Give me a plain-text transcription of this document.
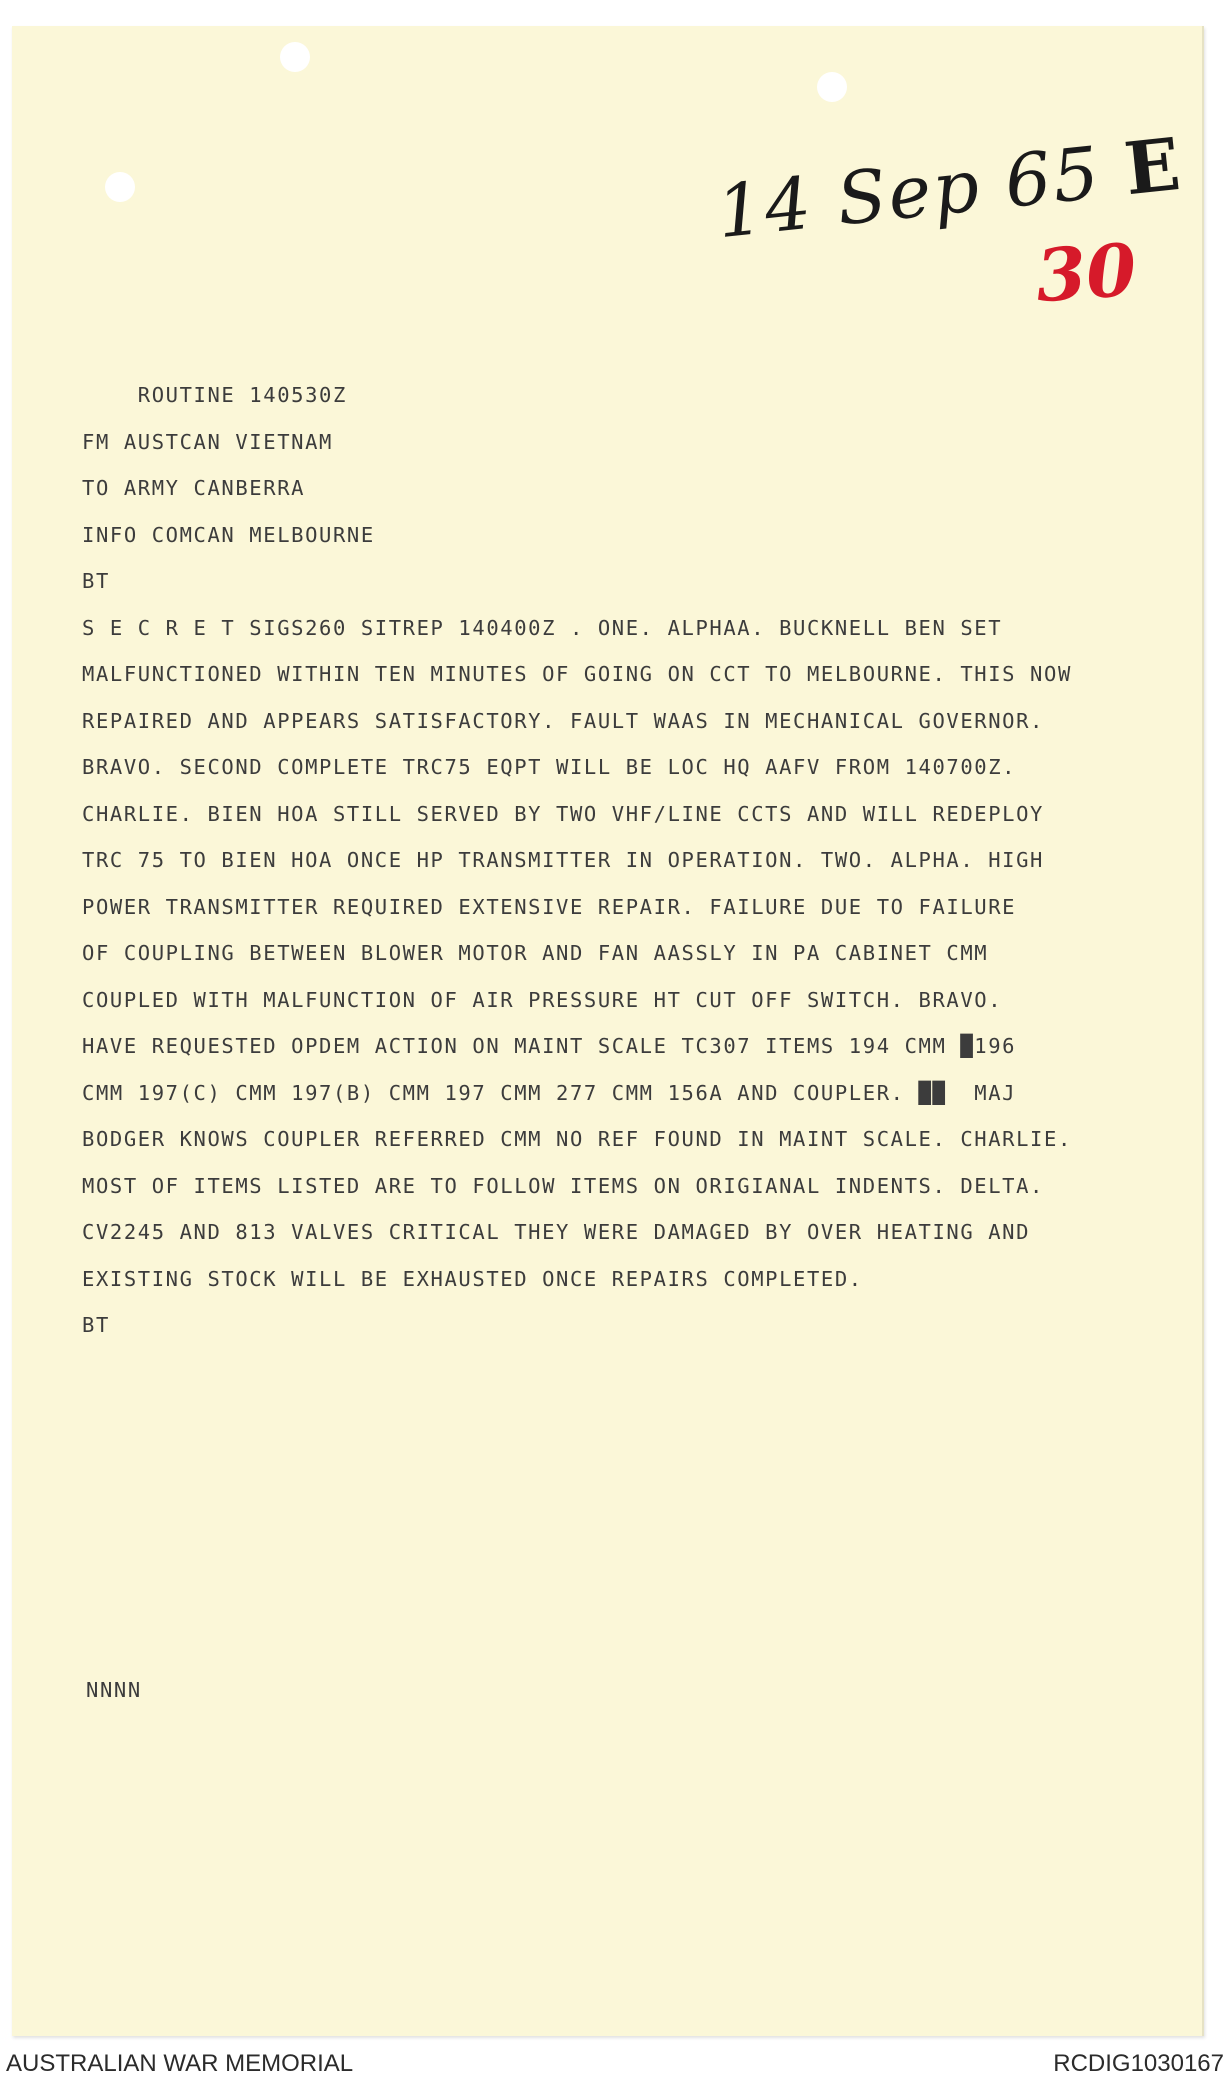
14 Sep 65 E
30
ROUTINE 140530Z
FM AUSTCAN VIETNAM
TO ARMY CANBERRA
INFO COMCAN MELBOURNE
BT
S E C R E T SIGS260 SITREP 140400Z . ONE. ALPHAA. BUCKNELL BEN SET
MALFUNCTIONED WITHIN TEN MINUTES OF GOING ON CCT TO MELBOURNE. THIS NOW
REPAIRED AND APPEARS SATISFACTORY. FAULT WAAS IN MECHANICAL GOVERNOR.
BRAVO. SECOND COMPLETE TRC75 EQPT WILL BE LOC HQ AAFV FROM 140700Z.
CHARLIE. BIEN HOA STILL SERVED BY TWO VHF/LINE CCTS AND WILL REDEPLOY
TRC 75 TO BIEN HOA ONCE HP TRANSMITTER IN OPERATION. TWO. ALPHA. HIGH
POWER TRANSMITTER REQUIRED EXTENSIVE REPAIR. FAILURE DUE TO FAILURE
OF COUPLING BETWEEN BLOWER MOTOR AND FAN AASSLY IN PA CABINET CMM
COUPLED WITH MALFUNCTION OF AIR PRESSURE HT CUT OFF SWITCH. BRAVO.
HAVE REQUESTED OPDEM ACTION ON MAINT SCALE TC307 ITEMS 194 CMM █196
CMM 197(C) CMM 197(B) CMM 197 CMM 277 CMM 156A AND COUPLER. ██  MAJ
BODGER KNOWS COUPLER REFERRED CMM NO REF FOUND IN MAINT SCALE. CHARLIE.
MOST OF ITEMS LISTED ARE TO FOLLOW ITEMS ON ORIGIANAL INDENTS. DELTA.
CV2245 AND 813 VALVES CRITICAL THEY WERE DAMAGED BY OVER HEATING AND
EXISTING STOCK WILL BE EXHAUSTED ONCE REPAIRS COMPLETED.
BT
NNNN
AUSTRALIAN WAR MEMORIAL	RCDIG1030167
